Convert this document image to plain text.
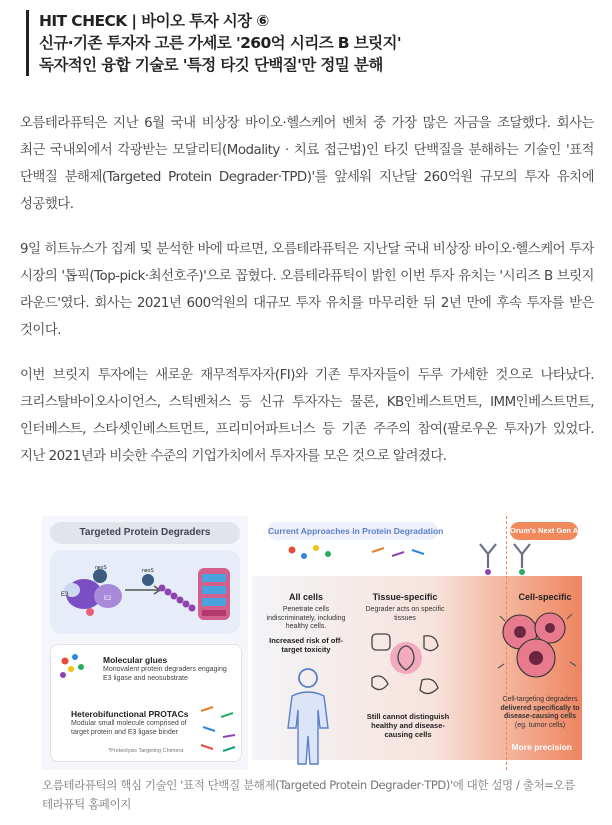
HIT CHECK | 바이오 투자 시장 ⑥
신규·기존 투자자 고른 가세로 '260억 시리즈 B 브릿지'
독자적인 융합 기술로 '특정 타깃 단백질'만 정밀 분해

오름테라퓨틱은 지난 6월 국내 비상장 바이오·헬스케어 벤처 중 가장 많은 자금을 조달했다. 회사는 최근 국내외에서 각광받는 모달리티(Modality · 치료 접근법)인 타깃 단백질을 분해하는 기술인 '표적 단백질 분해제(Targeted Protein Degrader·TPD)'를 앞세워 지난달 260억원 규모의 투자 유치에 성공했다.

9일 히트뉴스가 집계 및 분석한 바에 따르면, 오름테라퓨틱은 지난달 국내 비상장 바이오·헬스케어 투자 시장의 '톱픽(Top-pick·최선호주)'으로 꼽혔다. 오름테라퓨틱이 밝힌 이번 투자 유치는 '시리즈 B 브릿지 라운드'였다. 회사는 2021년 600억원의 대규모 투자 유치를 마무리한 뒤 2년 만에 후속 투자를 받은 것이다.

이번 브릿지 투자에는 새로운 재무적투자자(FI)와 기존 투자자들이 두루 가세한 것으로 나타났다. 크리스탈바이오사이언스, 스틱벤처스 등 신규 투자자는 물론, KB인베스트먼트, IMM인베스트먼트, 인터베스트, 스타셋인베스트먼트, 프리미어파트너스 등 기존 주주의 참여(팔로우온 투자)가 있었다. 지난 2021년과 비슷한 수준의 기업가치에서 투자자를 모은 것으로 알려졌다.

Targeted Protein Degraders
E3
E2
neoS	neoS
Molecular glues
Monovalent protein degraders engaging E3 ligase and neosubstrate
Heterobifunctional PROTACs
Modular small molecule comprised of target protein and E3 ligase binder
*Proteolysis Targeting Chimera
Current Approaches in Protein Degradation	Orum's Next Gen Approach
All cells
Penetrate cells indiscriminately, including healthy cells.
Increased risk of off-target toxicity
Tissue-specific
Degrader acts on specific tissues
Still cannot distinguish healthy and disease-causing cells
Cell-specific
Cell-targeting degraders delivered specifically to disease-causing cells (eg. tumor cells)
More precision
오름테라퓨틱의 핵심 기술인 '표적 단백질 분해제(Targeted Protein Degrader·TPD)'에 대한 설명 / 출처=오름테라퓨틱 홈페이지
